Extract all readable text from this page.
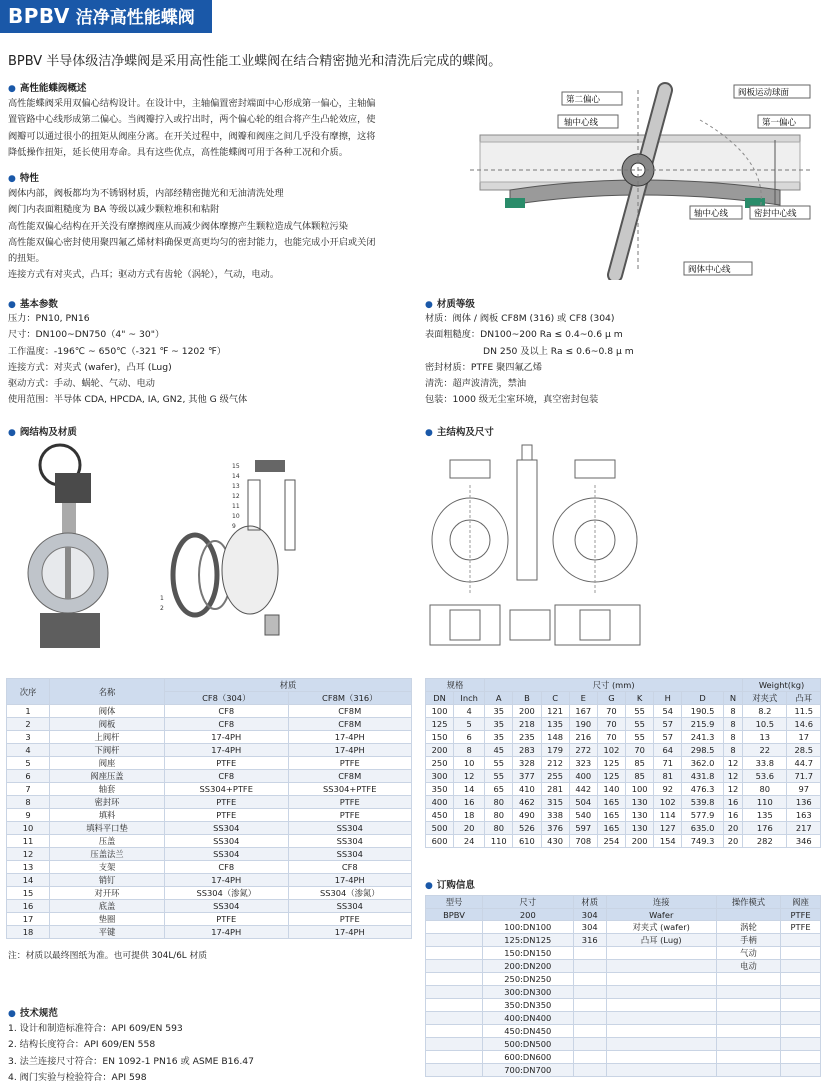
BPBV 洁净高性能蝶阀
BPBV 半导体级洁净蝶阀是采用高性能工业蝶阀在结合精密抛光和清洗后完成的蝶阀。
● 高性能蝶阀概述
高性能蝶阀采用双偏心结构设计。在设计中，主轴偏置密封端面中心形成第一偏心，主轴偏
置管路中心线形成第二偏心。当阀瓣拧入或拧出时，两个偏心轮的组合将产生凸轮效应，使
阀瓣可以通过很小的扭矩从阀座分离。在开关过程中，阀瓣和阀座之间几乎没有摩擦，这将
降低操作扭矩，延长使用寿命。具有这些优点，高性能蝶阀可用于各种工况和介质。
● 特性
阀体内部，阀板都均为不锈钢材质，内部经精密抛光和无油清洗处理
阀门内表面粗糙度为 BA 等级以减少颗粒堆积和粘附
高性能双偏心结构在开关没有摩擦阀座从而减少阀体摩擦产生颗粒造成气体颗粒污染
高性能双偏心密封使用聚四氟乙烯材料确保更高更均匀的密封能力，也能完成小开启或关闭
的扭矩。
连接方式有对夹式，凸耳；驱动方式有齿轮（涡轮），气动，电动。
第二偏心
轴中心线
阀板运动球面
第一偏心
轴中心线	密封中心线
阀体中心线
● 基本参数
压力：PN10, PN16
尺寸：DN100~DN750（4" ~ 30"）
工作温度：-196℃ ~ 650℃（-321 ℉ ~ 1202 ℉）
连接方式：对夹式 (wafer)，凸耳 (Lug)
驱动方式：手动、蜗轮、气动、电动
使用范围：半导体 CDA, HPCDA, IA, GN2, 其他 G 级气体
● 材质等级
材质：阀体 / 阀板 CF8M (316) 或 CF8 (304)
表面粗糙度：DN100~200 Ra ≤ 0.4~0.6 μ m
DN 250 及以上 Ra ≤ 0.6~0.8 μ m
密封材质：PTFE 聚四氟乙烯
清洗：超声波清洗，禁油
包装：1000 级无尘室环境，真空密封包装
● 阀结构及材质	● 主结构及尺寸
15
14
13
12
11
10
9
1
2
次序	名称	材质	
		CF8（304）	CF8M（316）
1	阀体	CF8	CF8M
2	阀板	CF8	CF8M
3	上阀杆	17-4PH	17-4PH
4	下阀杆	17-4PH	17-4PH
5	阀座	PTFE	PTFE
6	阀座压盖	CF8	CF8M
7	轴套	SS304+PTFE	SS304+PTFE
8	密封环	PTFE	PTFE
9	填料	PTFE	PTFE
10	填料平口垫	SS304	SS304
11	压盖	SS304	SS304
12	压盖法兰	SS304	SS304
13	支架	CF8	CF8
14	销钉	17-4PH	17-4PH
15	对开环	SS304（渗氮）	SS304（渗氮）
16	底盖	SS304	SS304
17	垫圈	PTFE	PTFE
18	平键	17-4PH	17-4PH
注：材质以最终图纸为准。也可提供 304L/6L 材质
规格		尺寸 (mm)									Weight(kg)	
DN	Inch	A	B	C	E	G	K	H	D	N	对夹式	凸耳
100	4	35	200	121	167	70	55	54	190.5	8	8.2	11.5
125	5	35	218	135	190	70	55	57	215.9	8	10.5	14.6
150	6	35	235	148	216	70	55	57	241.3	8	13	17
200	8	45	283	179	272	102	70	64	298.5	8	22	28.5
250	10	55	328	212	323	125	85	71	362.0	12	33.8	44.7
300	12	55	377	255	400	125	85	81	431.8	12	53.6	71.7
350	14	65	410	281	442	140	100	92	476.3	12	80	97
400	16	80	462	315	504	165	130	102	539.8	16	110	136
450	18	80	490	338	540	165	130	114	577.9	16	135	163
500	20	80	526	376	597	165	130	127	635.0	20	176	217
600	24	110	610	430	708	254	200	154	749.3	20	282	346
● 订购信息
型号	尺寸	材质	连接	操作模式	阀座
BPBV	200	304	Wafer		PTFE
	100:DN100	304	对夹式 (wafer)	涡轮	PTFE
	125:DN125	316	凸耳 (Lug)	手柄	
	150:DN150			气动	
	200:DN200			电动	
	250:DN250				
	300:DN300				
	350:DN350				
	400:DN400				
	450:DN450				
	500:DN500				
	600:DN600				
	700:DN700				
● 技术规范
1. 设计和制造标准符合：API 609/EN 593
2. 结构长度符合：API 609/EN 558
3. 法兰连接尺寸符合：EN 1092-1 PN16 或 ASME B16.47
4. 阀门实验与检验符合：API 598
